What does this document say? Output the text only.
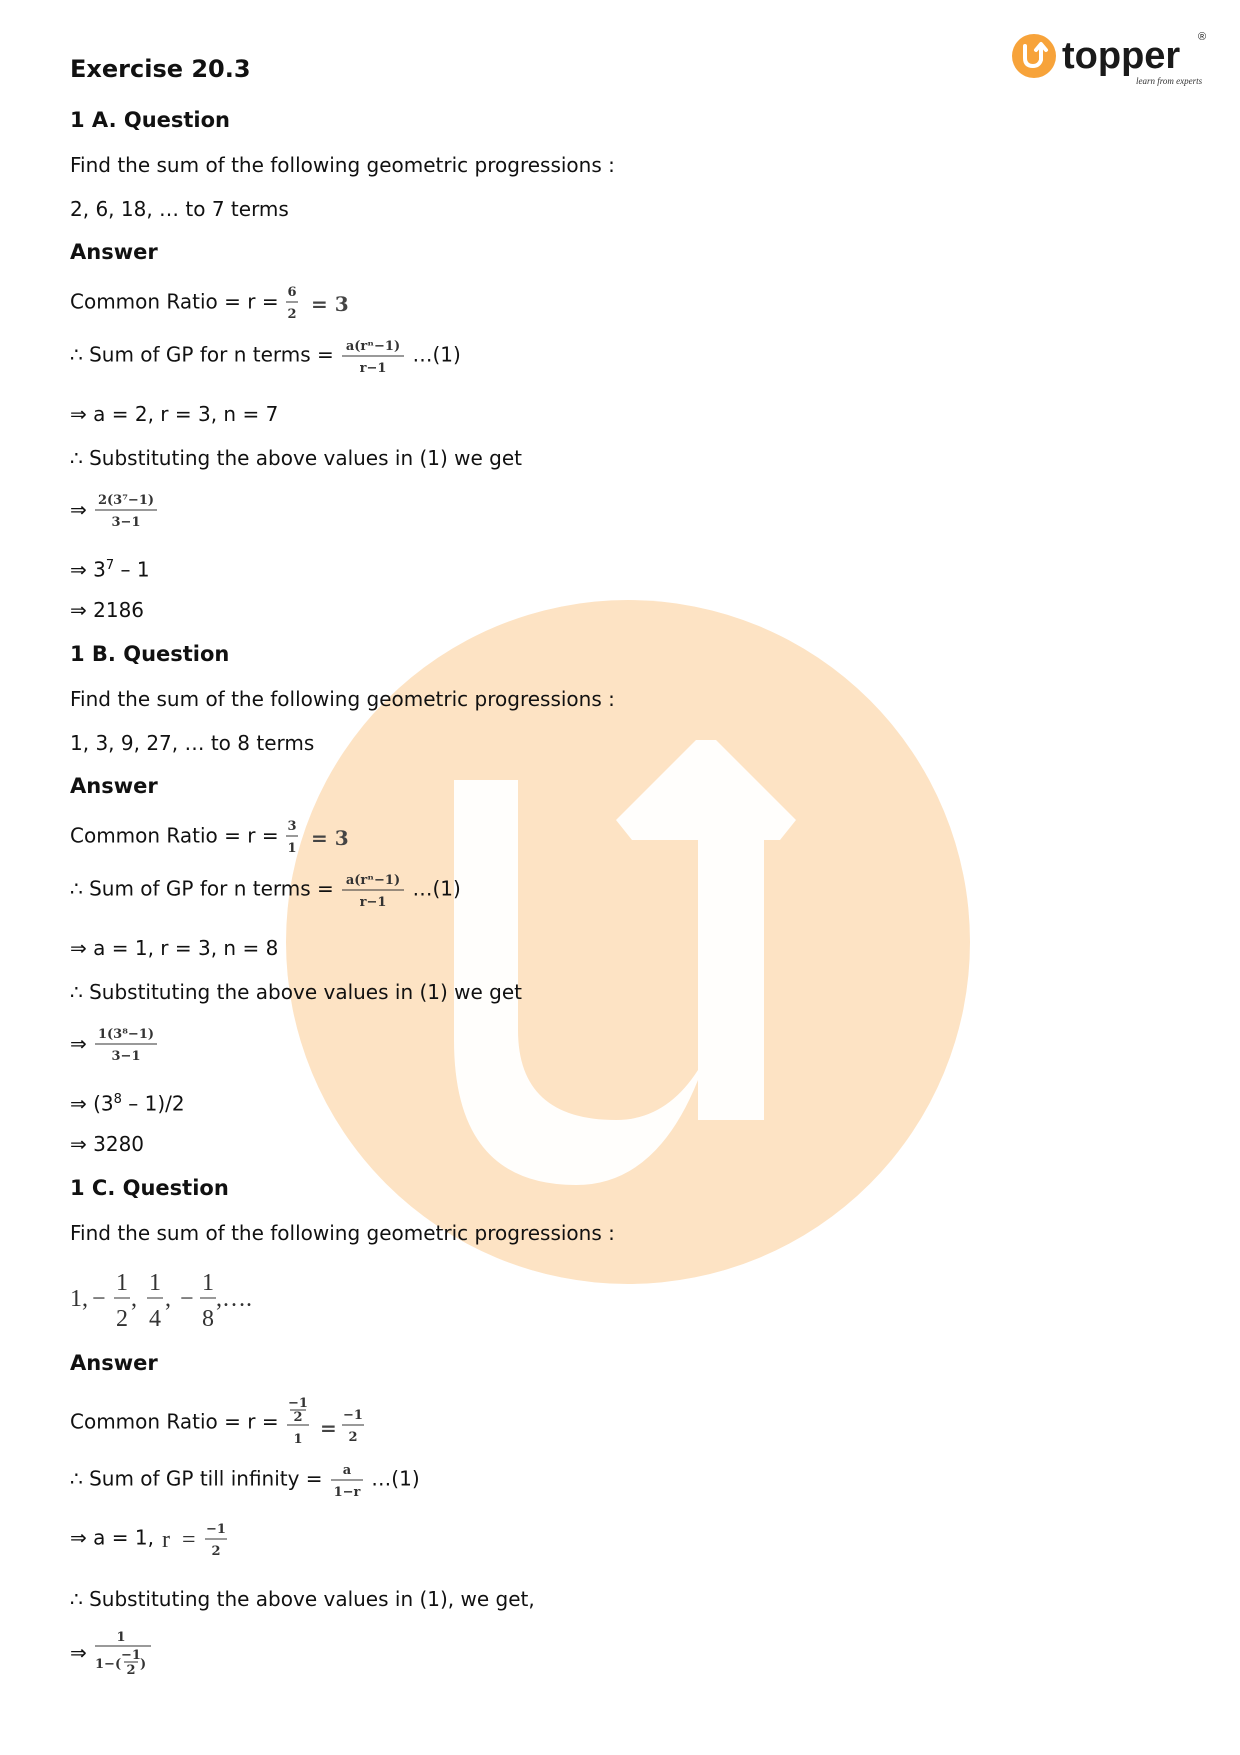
topper ®
learn from experts
Exercise 20.3
1 A. Question
Find the sum of the following geometric progressions :
2, 6, 18, … to 7 terms
Answer
Common Ratio = r = 6
2
= 3
∴ Sum of GP for n terms = a(rⁿ−1)
r−1
…(1)
⇒ a = 2, r = 3, n = 7
∴ Substituting the above values in (1) we get
⇒ 2(3⁷−1)
3−1
⇒ $3^7 - 1$
⇒ 2186
1 B. Question
Find the sum of the following geometric progressions :
1, 3, 9, 27, … to 8 terms
Answer
Common Ratio = r = 3
1
= 3
∴ Sum of GP for n terms = a(rⁿ−1)
r−1
…(1)
⇒ a = 1, r = 3, n = 8
∴ Substituting the above values in (1) we get
⇒ 1(3⁸−1)
3−1
⇒ $(3^8 - 1)/2$
⇒ 3280
1 C. Question
Find the sum of the following geometric progressions :
1, −
1
2
,
1
4
, −
1
8
,….
Answer
Common Ratio = r =
−1
2
1 =
−1
2
∴ Sum of GP till infinity = a
1−r
…(1)
⇒ a = 1, r = −1
2
∴ Substituting the above values in (1), we get,
⇒
1
1−(
−1
2 )
